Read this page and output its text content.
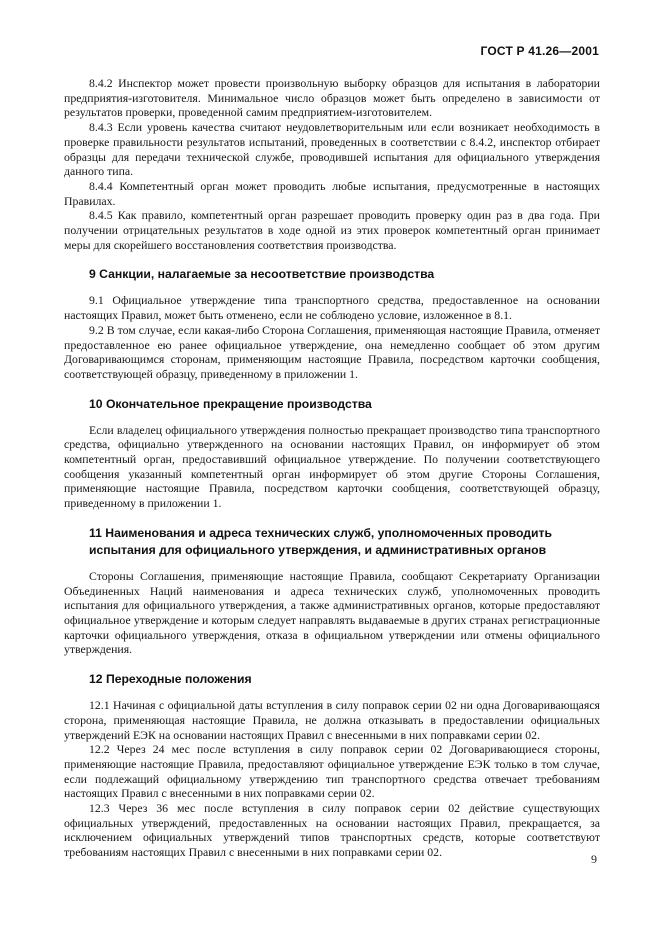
ГОСТ Р 41.26—2001

8.4.2 Инспектор может провести произвольную выборку образцов для испытания в лаборатории предприятия-изготовителя. Минимальное число образцов может быть определено в зависимости от результатов проверки, проведенной самим предприятием-изготовителем.

8.4.3 Если уровень качества считают неудовлетворительным или если возникает необходимость в проверке правильности результатов испытаний, проведенных в соответствии с 8.4.2, инспектор отбирает образцы для передачи технической службе, проводившей испытания для официального утверждения данного типа.

8.4.4 Компетентный орган может проводить любые испытания, предусмотренные в настоящих Правилах.

8.4.5 Как правило, компетентный орган разрешает проводить проверку один раз в два года. При получении отрицательных результатов в ходе одной из этих проверок компетентный орган принимает меры для скорейшего восстановления соответствия производства.

9 Санкции, налагаемые за несоответствие производства

9.1 Официальное утверждение типа транспортного средства, предоставленное на основании настоящих Правил, может быть отменено, если не соблюдено условие, изложенное в 8.1.

9.2 В том случае, если какая-либо Сторона Соглашения, применяющая настоящие Правила, отменяет предоставленное ею ранее официальное утверждение, она немедленно сообщает об этом другим Договаривающимся сторонам, применяющим настоящие Правила, посредством карточки сообщения, соответствующей образцу, приведенному в приложении 1.

10 Окончательное прекращение производства

Если владелец официального утверждения полностью прекращает производство типа транспортного средства, официально утвержденного на основании настоящих Правил, он информирует об этом компетентный орган, предоставивший официальное утверждение. По получении соответствующего сообщения указанный компетентный орган информирует об этом другие Стороны Соглашения, применяющие настоящие Правила, посредством карточки сообщения, соответствующей образцу, приведенному в приложении 1.

11 Наименования и адреса технических служб, уполномоченных проводить испытания для официального утверждения, и административных органов

Стороны Соглашения, применяющие настоящие Правила, сообщают Секретариату Организации Объединенных Наций наименования и адреса технических служб, уполномоченных проводить испытания для официального утверждения, а также административных органов, которые предоставляют официальное утверждение и которым следует направлять выдаваемые в других странах регистрационные карточки официального утверждения, отказа в официальном утверждении или отмены официального утверждения.

12 Переходные положения

12.1 Начиная с официальной даты вступления в силу поправок серии 02 ни одна Договаривающаяся сторона, применяющая настоящие Правила, не должна отказывать в предоставлении официальных утверждений ЕЭК на основании настоящих Правил с внесенными в них поправками серии 02.

12.2 Через 24 мес после вступления в силу поправок серии 02 Договаривающиеся стороны, применяющие настоящие Правила, предоставляют официальное утверждение ЕЭК только в том случае, если подлежащий официальному утверждению тип транспортного средства отвечает требованиям настоящих Правил с внесенными в них поправками серии 02.

12.3 Через 36 мес после вступления в силу поправок серии 02 действие существующих официальных утверждений, предоставленных на основании настоящих Правил, прекращается, за исключением официальных утверждений типов транспортных средств, которые соответствуют требованиям настоящих Правил с внесенными в них поправками серии 02.	9
